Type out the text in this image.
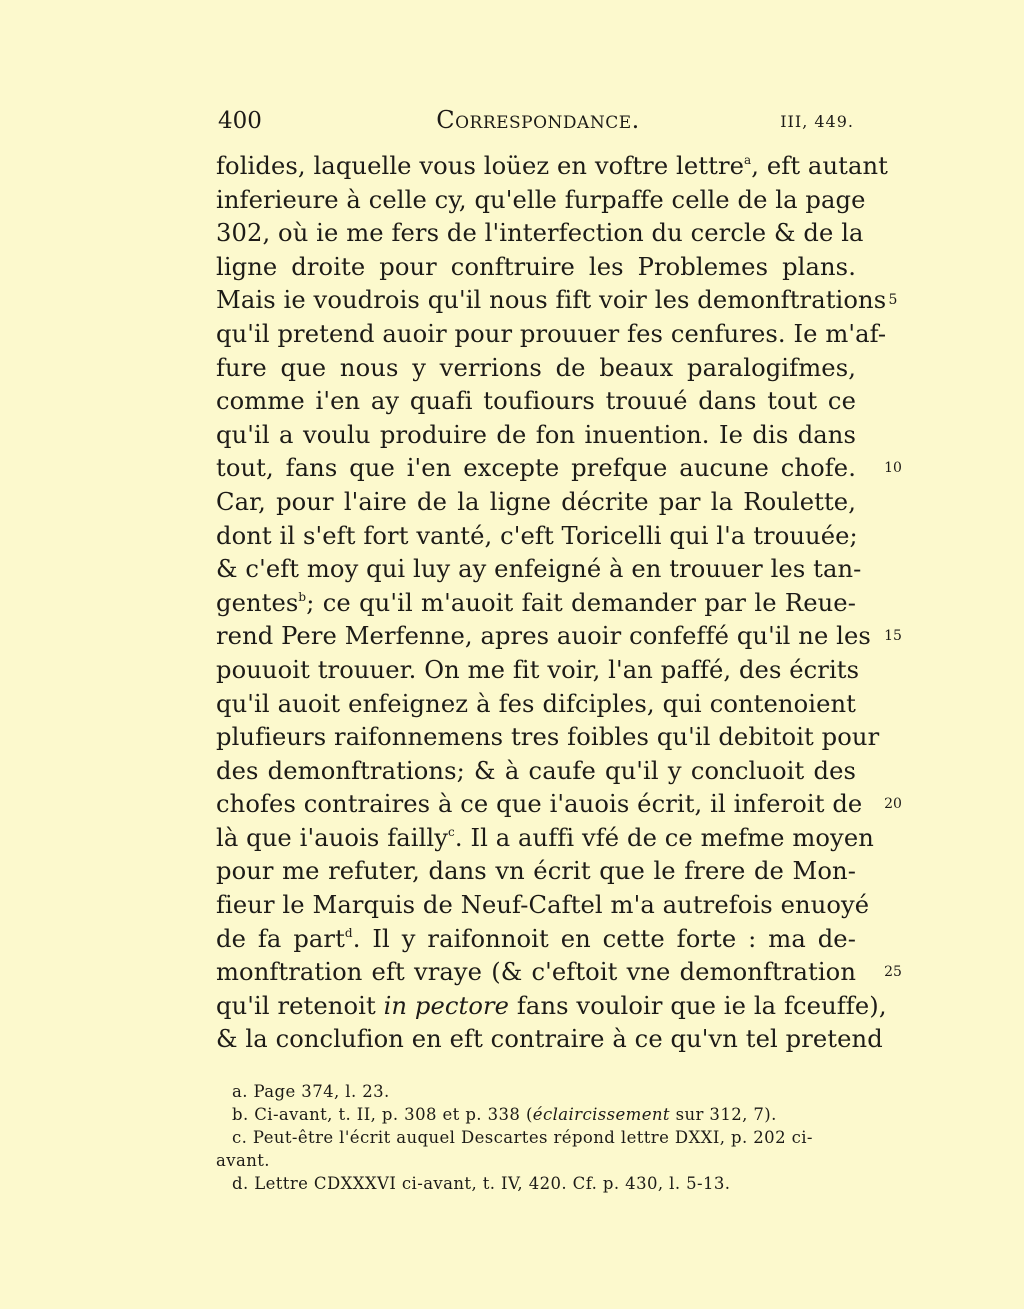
400	Correspondance.	III, 449.
folides, laquelle vous loüez en voftre lettre$^a$, eft autant
inferieure à celle cy, qu'elle furpaffe celle de la page
302, où ie me fers de l'interfection du cercle & de la
ligne droite pour conftruire les Problemes plans.
Mais ie voudrois qu'il nous fift voir les demonftrations
qu'il pretend auoir pour prouuer fes cenfures. Ie m'af-
fure que nous y verrions de beaux paralogifmes,
comme i'en ay quafi toufiours trouué dans tout ce
qu'il a voulu produire de fon inuention. Ie dis dans
tout, fans que i'en excepte prefque aucune chofe.
Car, pour l'aire de la ligne décrite par la Roulette,
dont il s'eft fort vanté, c'eft Toricelli qui l'a trouuée;
& c'eft moy qui luy ay enfeigné à en trouuer les tan-
gentes$^b$; ce qu'il m'auoit fait demander par le Reue-
rend Pere Merfenne, apres auoir confeffé qu'il ne les
pouuoit trouuer. On me fit voir, l'an paffé, des écrits
qu'il auoit enfeignez à fes difciples, qui contenoient
plufieurs raifonnemens tres foibles qu'il debitoit pour
des demonftrations; & à caufe qu'il y concluoit des
chofes contraires à ce que i'auois écrit, il inferoit de
là que i'auois failly$^c$. Il a auffi vfé de ce mefme moyen
pour me refuter, dans vn écrit que le frere de Mon-
fieur le Marquis de Neuf-Caftel m'a autrefois enuoyé
de fa part$^d$. Il y raifonnoit en cette forte : ma de-
monftration eft vraye (& c'eftoit vne demonftration
qu'il retenoit in pectore fans vouloir que ie la fceuffe),
& la conclufion en eft contraire à ce qu'vn tel pretend
5
10
15
20
25
a. Page 374, l. 23.
b. Ci-avant, t. II, p. 308 et p. 338 (éclaircissement sur 312, 7).
c. Peut-être l'écrit auquel Descartes répond lettre DXXI, p. 202 ci-
avant.
d. Lettre CDXXXVI ci-avant, t. IV, 420. Cf. p. 430, l. 5-13.
